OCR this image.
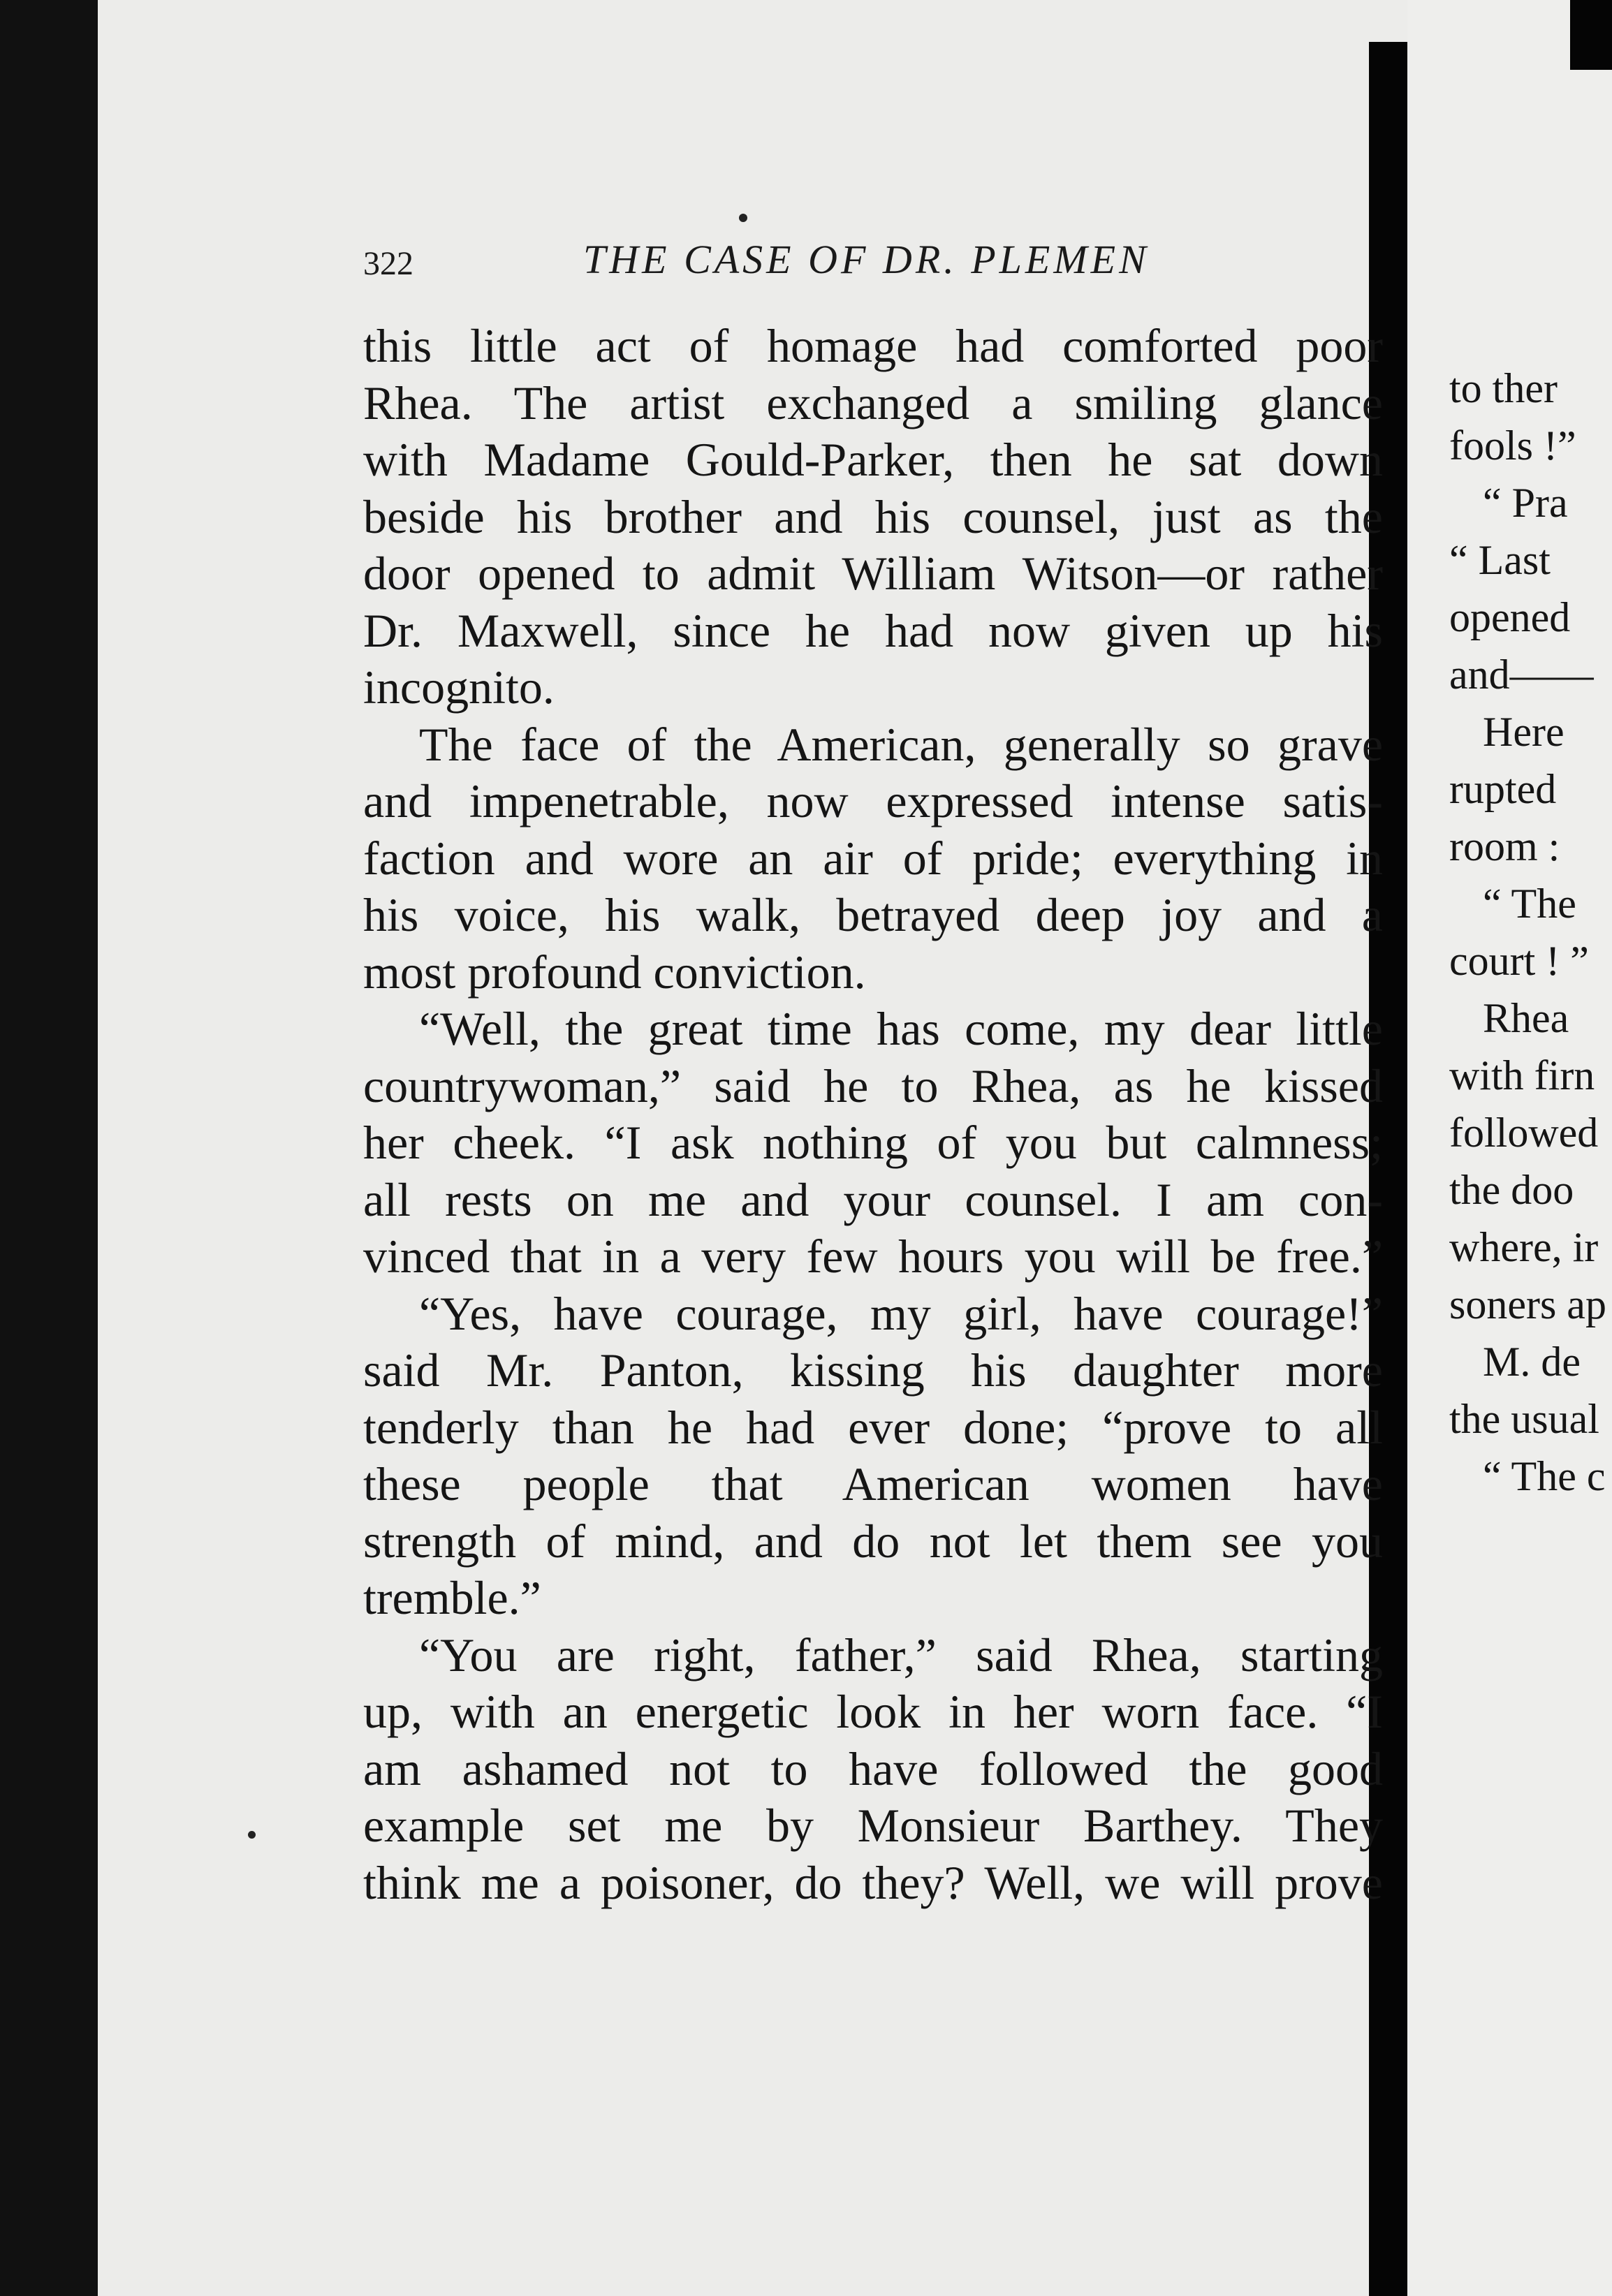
322	THE CASE OF DR. PLEMEN
this little act of homage had comforted poor
Rhea. The artist exchanged a smiling glance
with Madame Gould-Parker, then he sat down
beside his brother and his counsel, just as the
door opened to admit William Witson—or rather
Dr. Maxwell, since he had now given up his
incognito.
The face of the American, generally so grave
and impenetrable, now expressed intense satis-
faction and wore an air of pride; everything in
his voice, his walk, betrayed deep joy and a
most profound conviction.
“Well, the great time has come, my dear little
countrywoman,” said he to Rhea, as he kissed
her cheek. “I ask nothing of you but calmness;
all rests on me and your counsel. I am con-
vinced that in a very few hours you will be free.”
“Yes, have courage, my girl, have courage!”
said Mr. Panton, kissing his daughter more
tenderly than he had ever done; “prove to all
these people that American women have
strength of mind, and do not let them see you
tremble.”
“You are right, father,” said Rhea, starting
up, with an energetic look in her worn face. “I
am ashamed not to have followed the good
example set me by Monsieur Barthey. They
think me a poisoner, do they? Well, we will prove
to ther
fools !”
“ Pra
“ Last
opened
and——
Here
rupted
room :
“ The
court ! ”
Rhea
with firn
followed
the doo
where, ir
soners ap
M. de
the usual
“ The c
